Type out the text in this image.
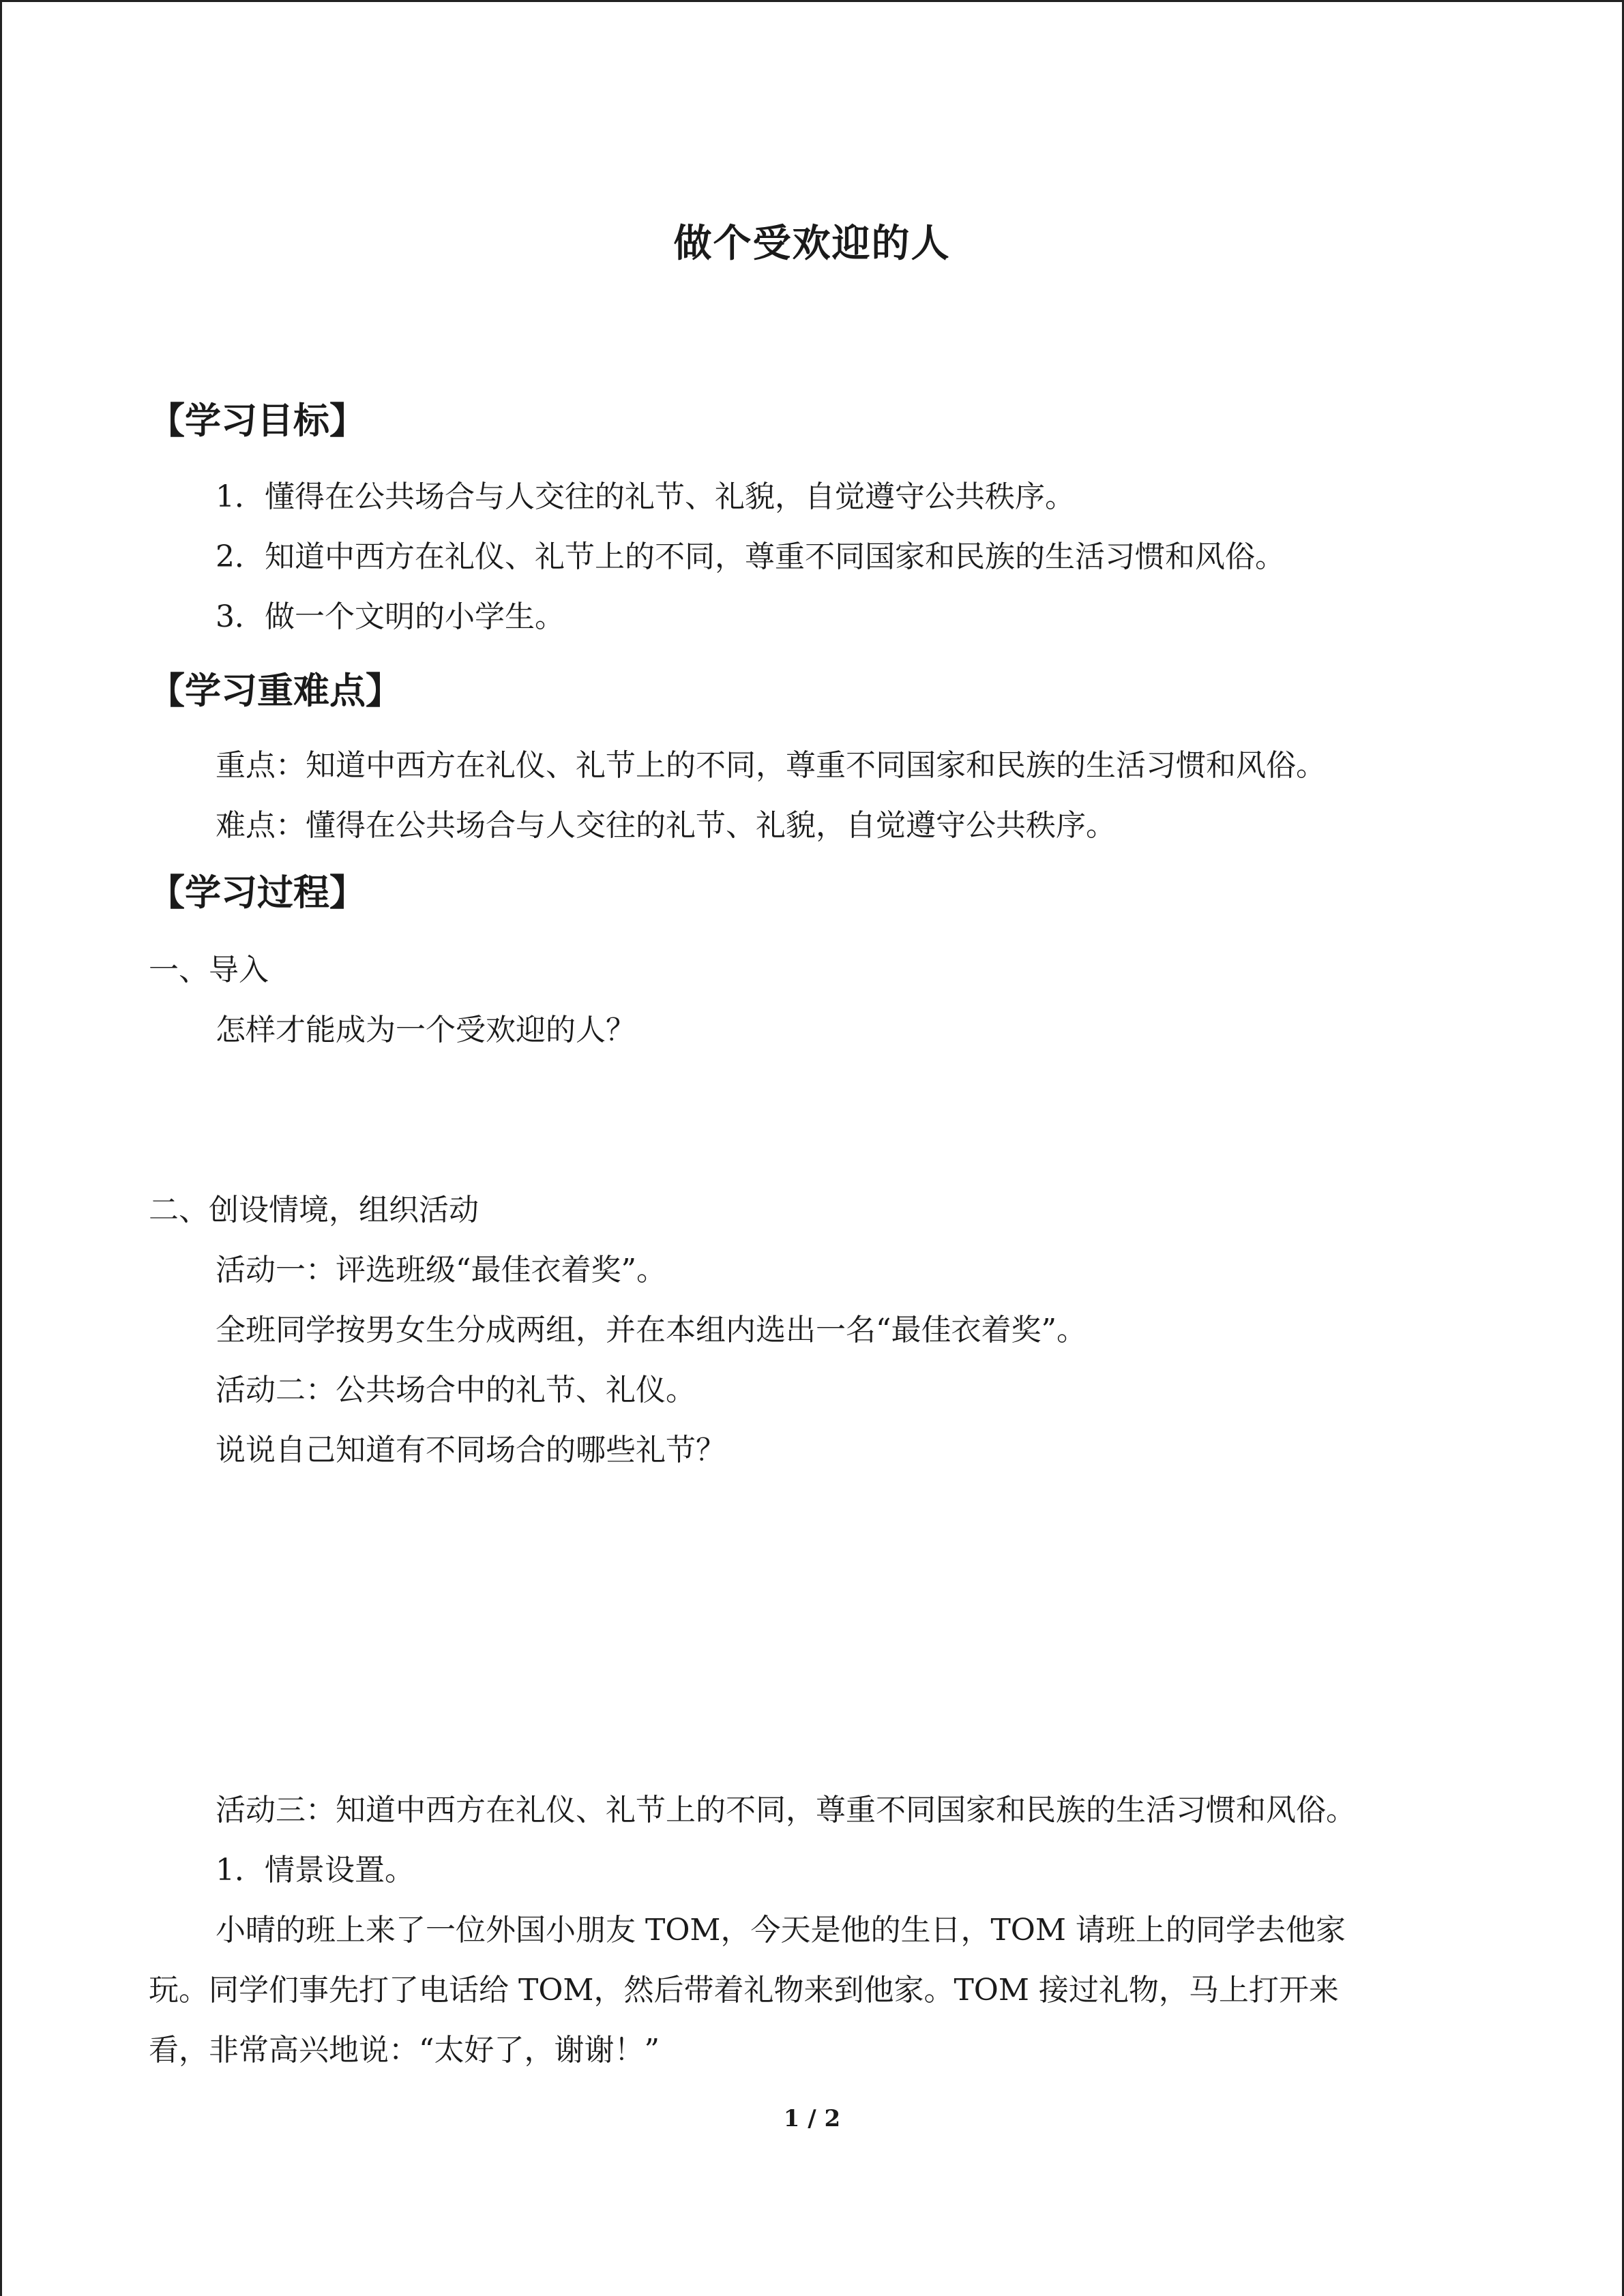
做个受欢迎的人
【学习目标】
1．懂得在公共场合与人交往的礼节、礼貌，自觉遵守公共秩序。
2．知道中西方在礼仪、礼节上的不同，尊重不同国家和民族的生活习惯和风俗。
3．做一个文明的小学生。
【学习重难点】
重点：知道中西方在礼仪、礼节上的不同，尊重不同国家和民族的生活习惯和风俗。
难点：懂得在公共场合与人交往的礼节、礼貌，自觉遵守公共秩序。
【学习过程】
一、导入
怎样才能成为一个受欢迎的人？
二、创设情境，组织活动
活动一：评选班级“最佳衣着奖”。
全班同学按男女生分成两组，并在本组内选出一名“最佳衣着奖”。
活动二：公共场合中的礼节、礼仪。
说说自己知道有不同场合的哪些礼节？
活动三：知道中西方在礼仪、礼节上的不同，尊重不同国家和民族的生活习惯和风俗。
1．情景设置。
小晴的班上来了一位外国小朋友 TOM，今天是他的生日，TOM 请班上的同学去他家
玩。同学们事先打了电话给 TOM，然后带着礼物来到他家。TOM 接过礼物，马上打开来
看，非常高兴地说：“太好了，谢谢！”
1 / 2
